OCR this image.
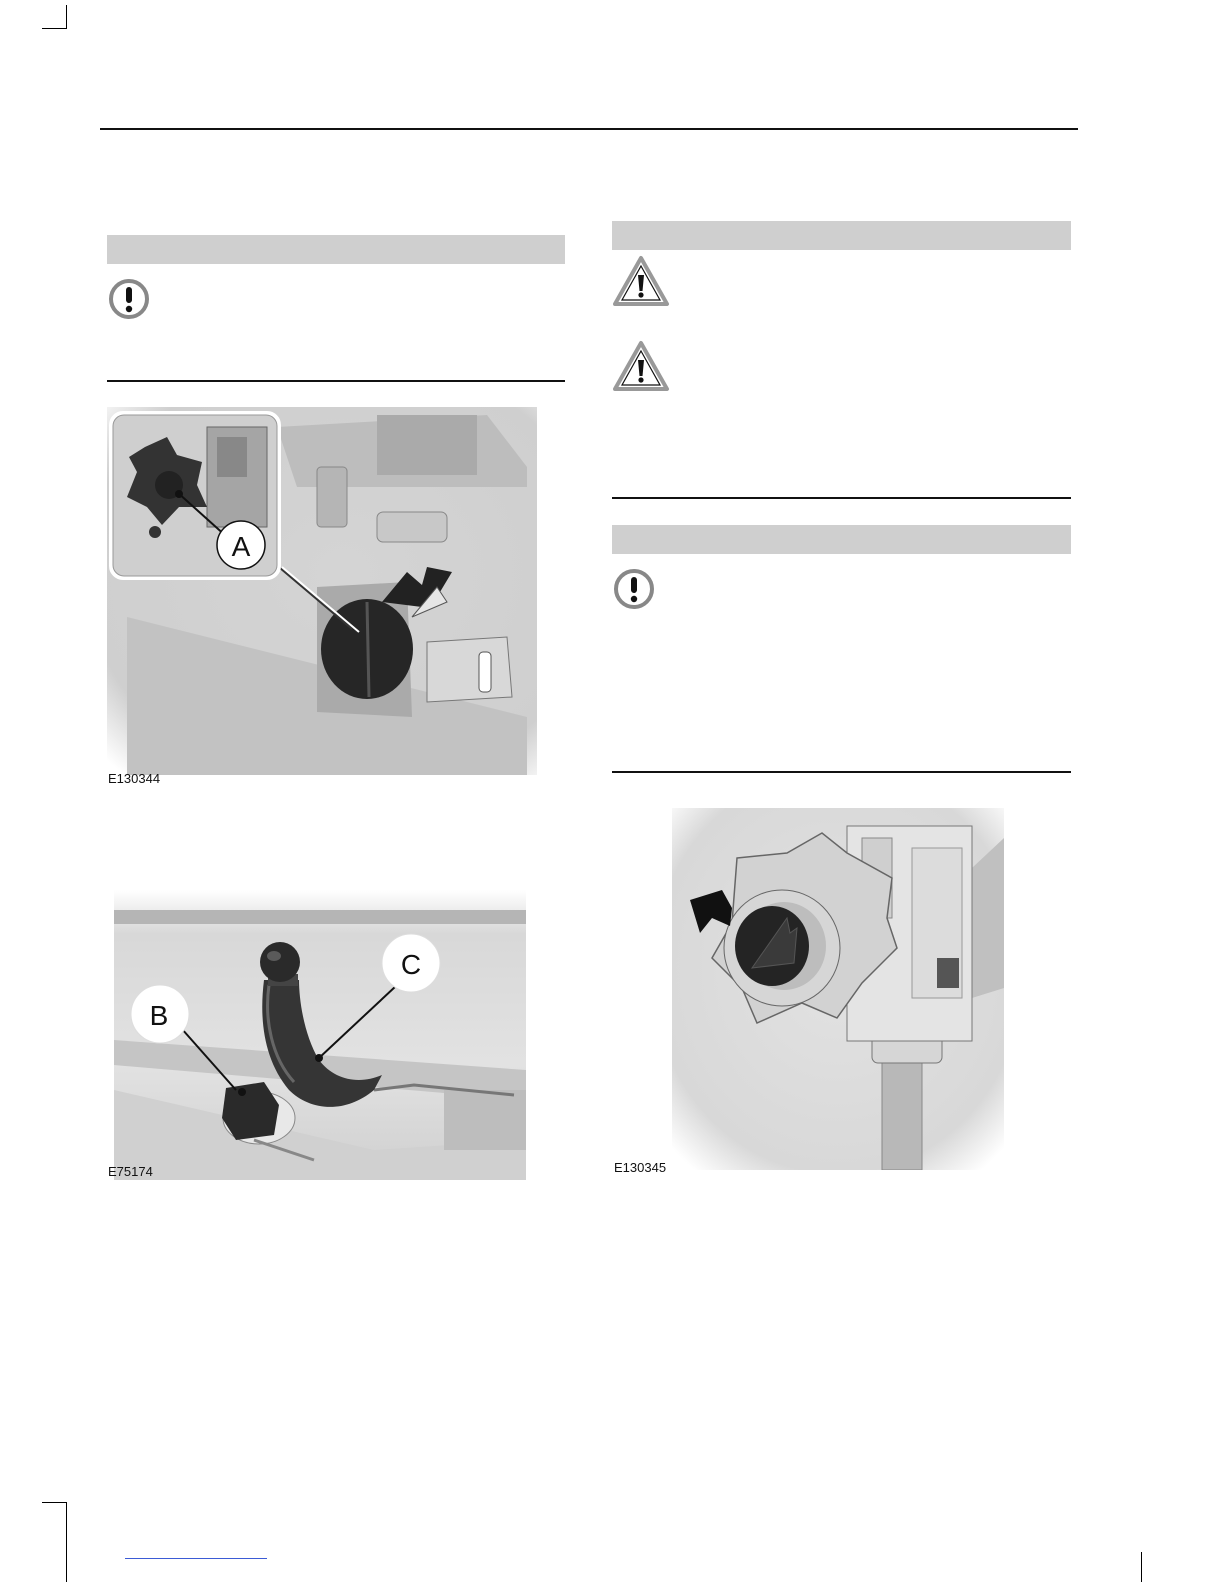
A
E130344
B
C
E75174	E130345
